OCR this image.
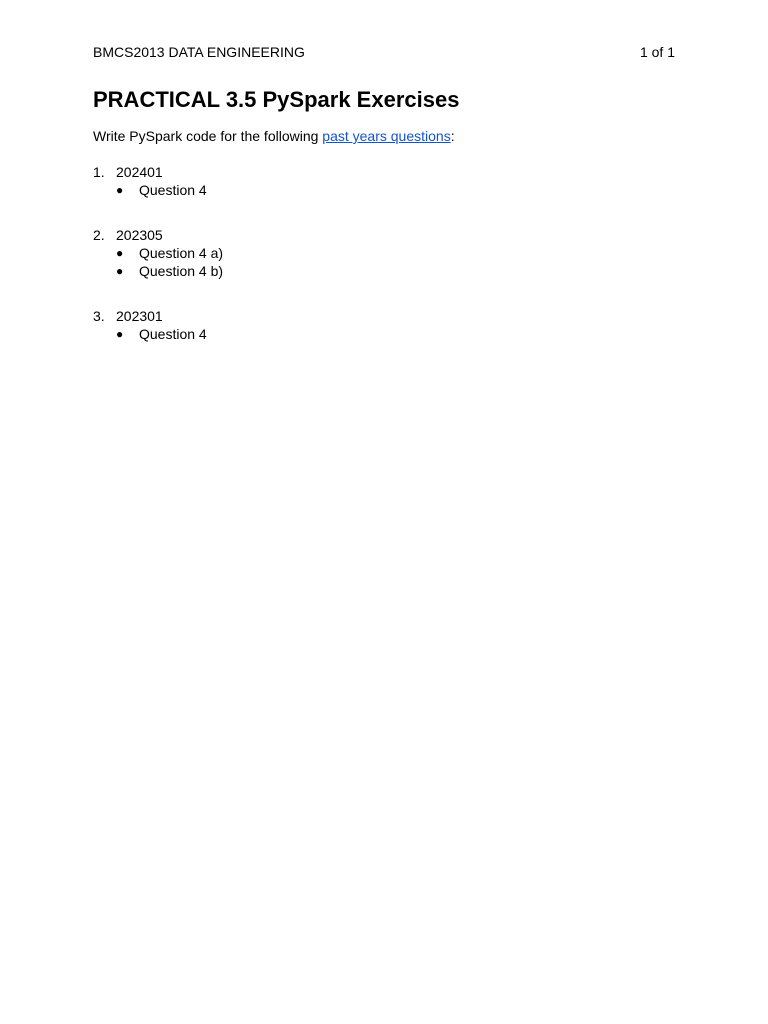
BMCS2013 DATA ENGINEERING	1 of 1
PRACTICAL 3.5 PySpark Exercises
Write PySpark code for the following past years questions:
1. 202401
● Question 4
2. 202305
● Question 4 a)
● Question 4 b)
3. 202301
● Question 4
